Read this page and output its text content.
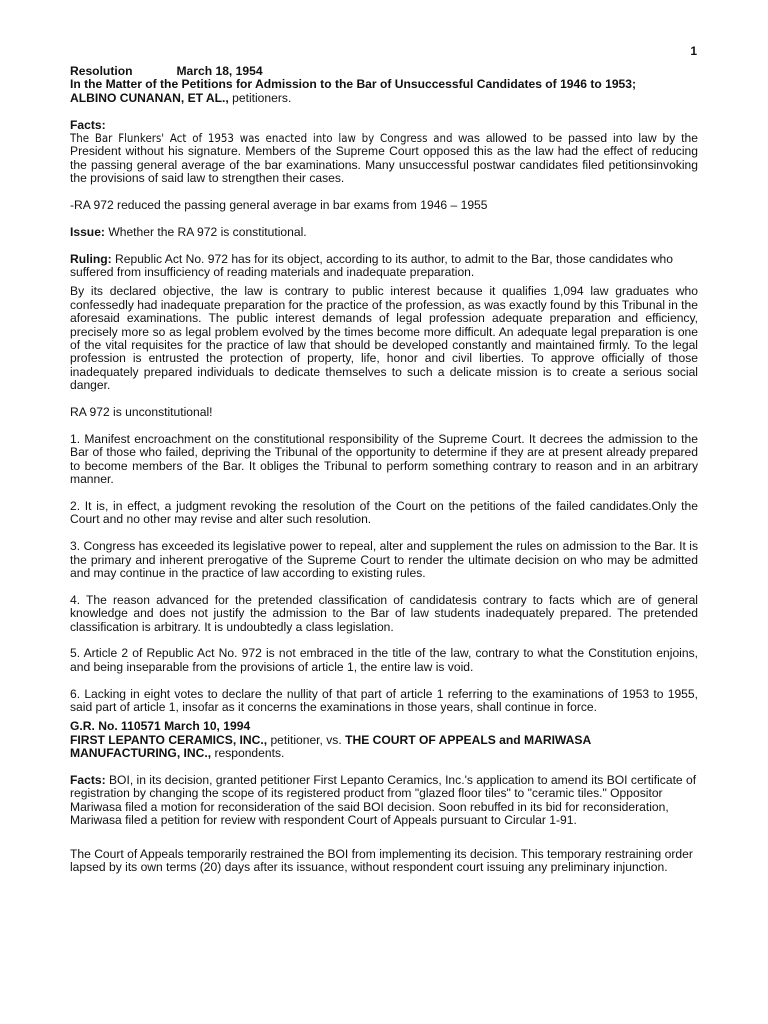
1

Resolution	March 18, 1954
In the Matter of the Petitions for Admission to the Bar of Unsuccessful Candidates of 1946 to 1953;
ALBINO CUNANAN, ET AL., petitioners.

Facts:
The Bar Flunkers' Act of 1953 was enacted into law by Congress and was allowed to be passed into law by the President without his signature. Members of the Supreme Court opposed this as the law had the effect of reducing the passing general average of the bar examinations. Many unsuccessful postwar candidates filed petitionsinvoking the provisions of said law to strengthen their cases.

-RA 972 reduced the passing general average in bar exams from 1946 – 1955

Issue: Whether the RA 972 is constitutional.

Ruling: Republic Act No. 972 has for its object, according to its author, to admit to the Bar, those candidates who suffered from insufficiency of reading materials and inadequate preparation.

By its declared objective, the law is contrary to public interest because it qualifies 1,094 law graduates who confessedly had inadequate preparation for the practice of the profession, as was exactly found by this Tribunal in the aforesaid examinations. The public interest demands of legal profession adequate preparation and efficiency, precisely more so as legal problem evolved by the times become more difficult. An adequate legal preparation is one of the vital requisites for the practice of law that should be developed constantly and maintained firmly. To the legal profession is entrusted the protection of property, life, honor and civil liberties. To approve officially of those inadequately prepared individuals to dedicate themselves to such a delicate mission is to create a serious social danger.

RA 972 is unconstitutional!

1. Manifest encroachment on the constitutional responsibility of the Supreme Court. It decrees the admission to the Bar of those who failed, depriving the Tribunal of the opportunity to determine if they are at present already prepared to become members of the Bar. It obliges the Tribunal to perform something contrary to reason and in an arbitrary manner.

2. It is, in effect, a judgment revoking the resolution of the Court on the petitions of the failed candidates.Only the Court and no other may revise and alter such resolution.

3. Congress has exceeded its legislative power to repeal, alter and supplement the rules on admission to the Bar. It is the primary and inherent prerogative of the Supreme Court to render the ultimate decision on who may be admitted and may continue in the practice of law according to existing rules.

4. The reason advanced for the pretended classification of candidatesis contrary to facts which are of general knowledge and does not justify the admission to the Bar of law students inadequately prepared. The pretended classification is arbitrary. It is undoubtedly a class legislation.

5. Article 2 of Republic Act No. 972 is not embraced in the title of the law, contrary to what the Constitution enjoins, and being inseparable from the provisions of article 1, the entire law is void.

6. Lacking in eight votes to declare the nullity of that part of article 1 referring to the examinations of 1953 to 1955, said part of article 1, insofar as it concerns the examinations in those years, shall continue in force.

G.R. No. 110571 March 10, 1994
FIRST LEPANTO CERAMICS, INC., petitioner, vs. THE COURT OF APPEALS and MARIWASA MANUFACTURING, INC., respondents.

Facts: BOI, in its decision, granted petitioner First Lepanto Ceramics, Inc.'s application to amend its BOI certificate of registration by changing the scope of its registered product from "glazed floor tiles" to "ceramic tiles." Oppositor Mariwasa filed a motion for reconsideration of the said BOI decision. Soon rebuffed in its bid for reconsideration, Mariwasa filed a petition for review with respondent Court of Appeals pursuant to Circular 1-91.

The Court of Appeals temporarily restrained the BOI from implementing its decision. This temporary restraining order lapsed by its own terms (20) days after its issuance, without respondent court issuing any preliminary injunction.
